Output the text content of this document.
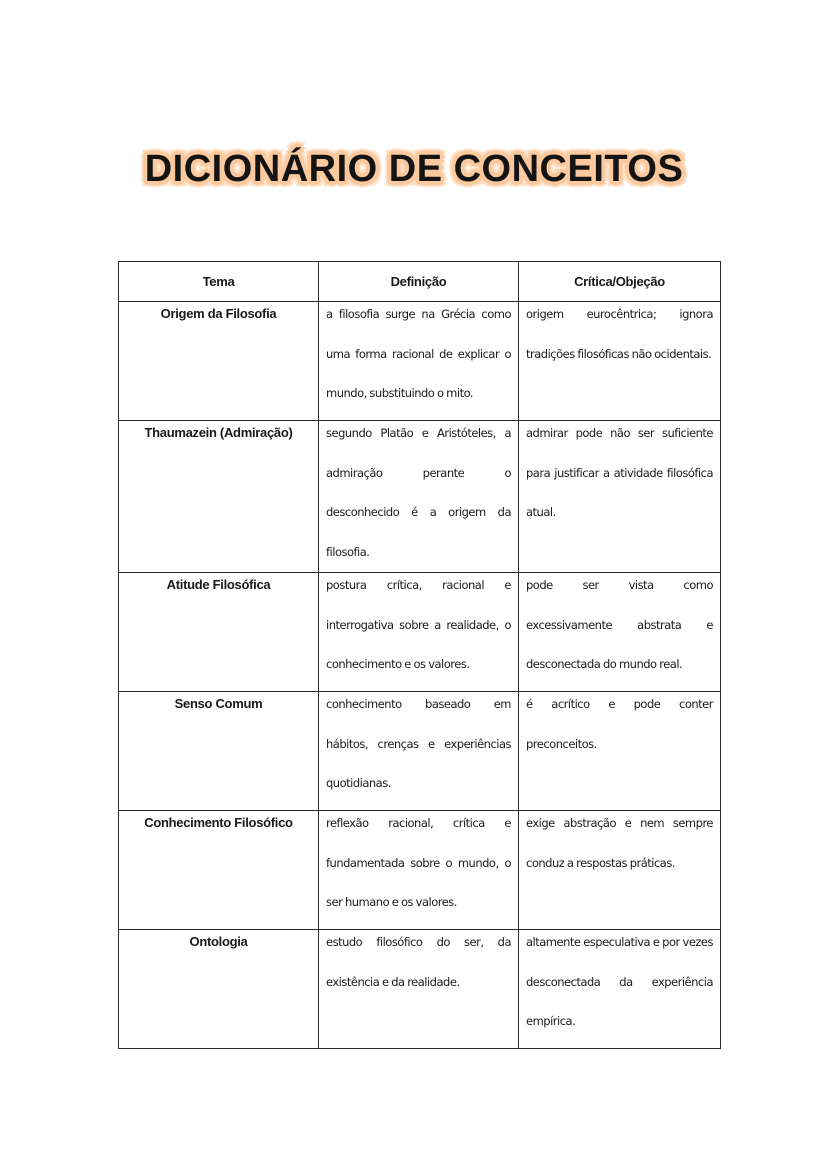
DICIONÁRIO DE CONCEITOS
Tema	Definição	Crítica/Objeção
Origem da Filosofia	a filosofia surge na Grécia como uma forma racional de explicar o mundo, substituindo o mito.	origem eurocêntrica; ignora tradições filosóficas não ocidentais.

Thaumazein (Admiração)	segundo Platão e Aristóteles, a admiração perante o desconhecido é a origem da filosofia.	admirar pode não ser suficiente para justificar a atividade filosófica atual.

Atitude Filosófica	postura crítica, racional e interrogativa sobre a realidade, o conhecimento e os valores.	pode ser vista como excessivamente abstrata e desconectada do mundo real.

Senso Comum	conhecimento baseado em hábitos, crenças e experiências quotidianas.	é acrítico e pode conter preconceitos.

Conhecimento Filosófico	reflexão racional, crítica e fundamentada sobre o mundo, o ser humano e os valores.	exige abstração e nem sempre conduz a respostas práticas.

Ontologia	estudo filosófico do ser, da existência e da realidade.	altamente especulativa e por vezes desconectada da experiência empírica.
